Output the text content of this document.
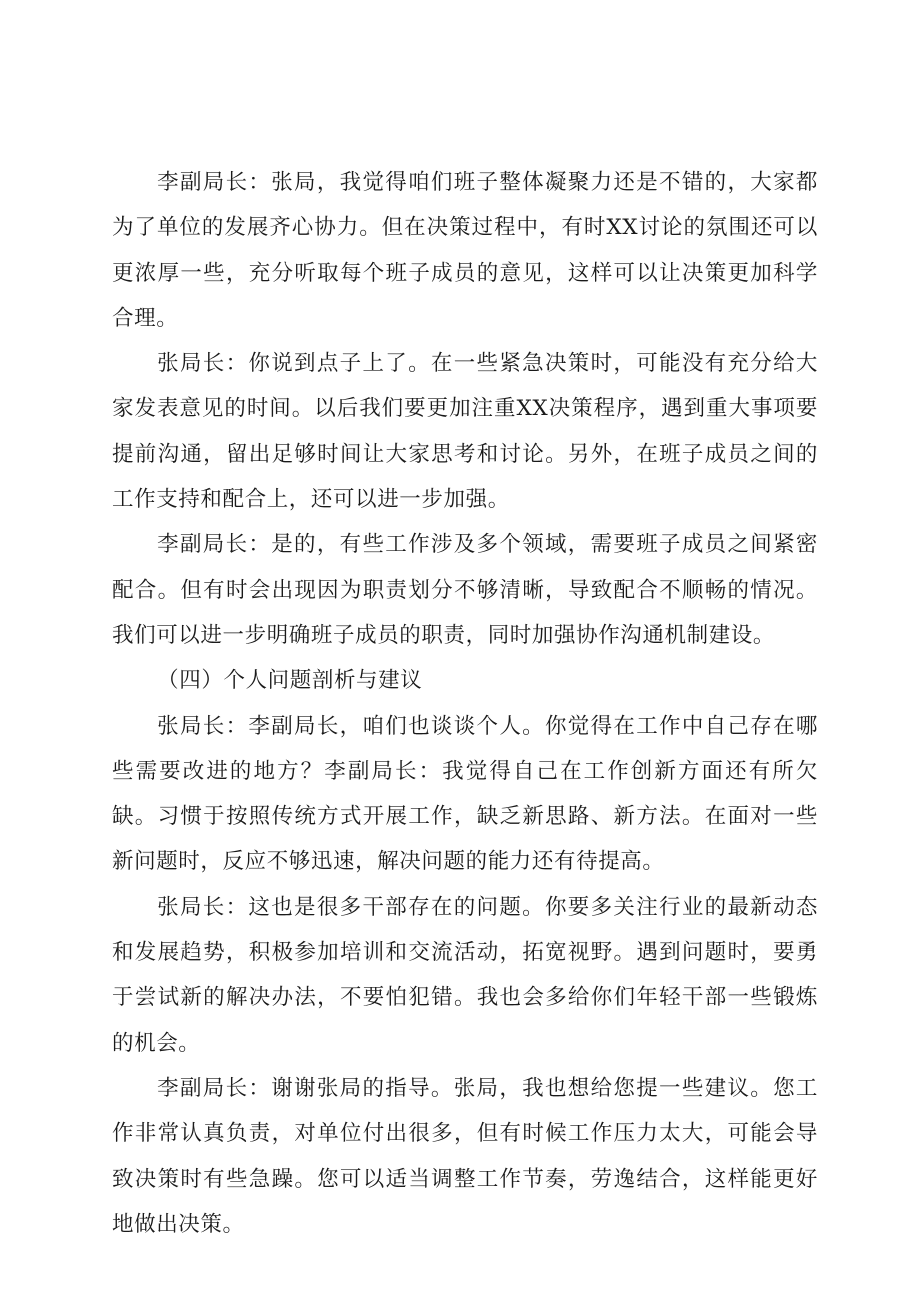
李副局长：张局，我觉得咱们班子整体凝聚力还是不错的，大家都为了单位的发展齐心协力。但在决策过程中，有时XX讨论的氛围还可以更浓厚一些，充分听取每个班子成员的意见，这样可以让决策更加科学合理。

张局长：你说到点子上了。在一些紧急决策时，可能没有充分给大家发表意见的时间。以后我们要更加注重XX决策程序，遇到重大事项要提前沟通，留出足够时间让大家思考和讨论。另外，在班子成员之间的工作支持和配合上，还可以进一步加强。

李副局长：是的，有些工作涉及多个领域，需要班子成员之间紧密配合。但有时会出现因为职责划分不够清晰，导致配合不顺畅的情况。我们可以进一步明确班子成员的职责，同时加强协作沟通机制建设。

（四）个人问题剖析与建议

张局长：李副局长，咱们也谈谈个人。你觉得在工作中自己存在哪些需要改进的地方？李副局长：我觉得自己在工作创新方面还有所欠缺。习惯于按照传统方式开展工作，缺乏新思路、新方法。在面对一些新问题时，反应不够迅速，解决问题的能力还有待提高。

张局长：这也是很多干部存在的问题。你要多关注行业的最新动态和发展趋势，积极参加培训和交流活动，拓宽视野。遇到问题时，要勇于尝试新的解决办法，不要怕犯错。我也会多给你们年轻干部一些锻炼的机会。

李副局长：谢谢张局的指导。张局，我也想给您提一些建议。您工作非常认真负责，对单位付出很多，但有时候工作压力太大，可能会导致决策时有些急躁。您可以适当调整工作节奏，劳逸结合，这样能更好地做出决策。
